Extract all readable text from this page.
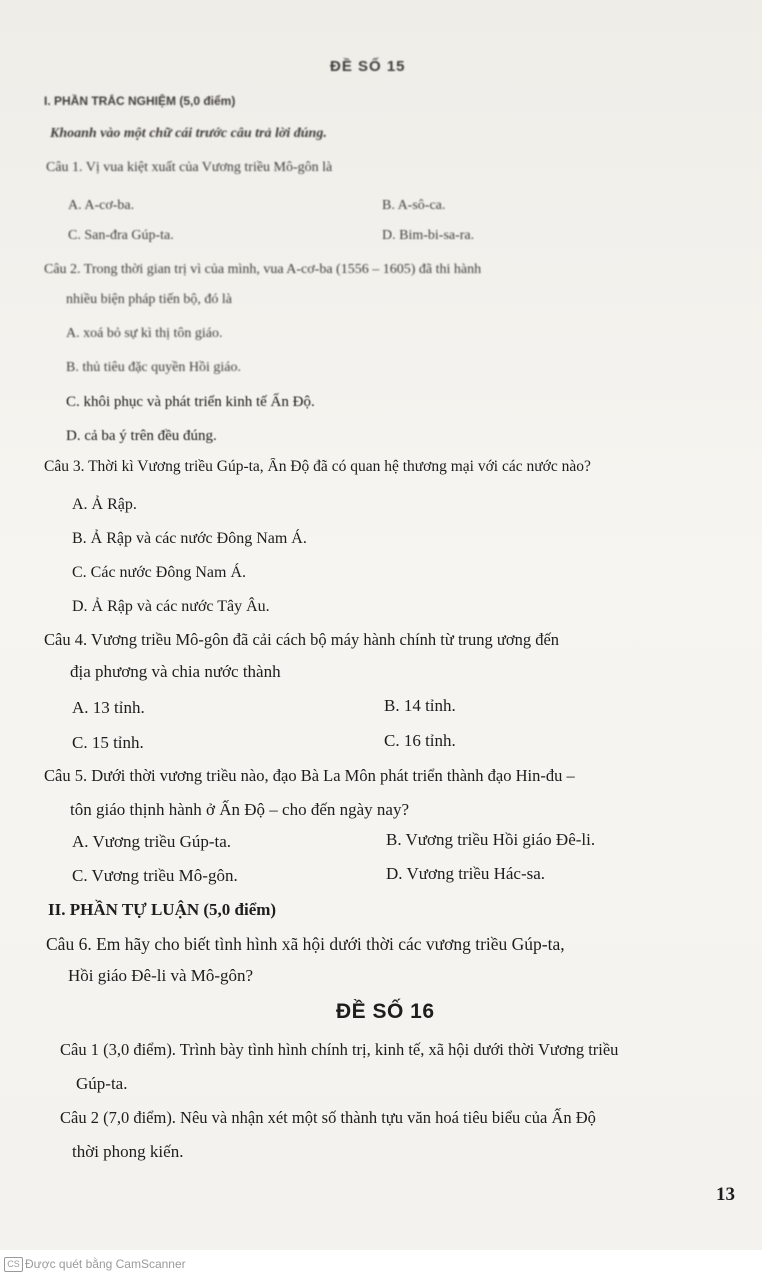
ĐỀ SỐ 15
I. PHẦN TRẮC NGHIỆM (5,0 điểm)
Khoanh vào một chữ cái trước câu trả lời đúng.
Câu 1. Vị vua kiệt xuất của Vương triều Mô-gôn là
A. A-cơ-ba.	B. A-sô-ca.
C. San-đra Gúp-ta.	D. Bim-bi-sa-ra.
Câu 2. Trong thời gian trị vì của mình, vua A-cơ-ba (1556 – 1605) đã thi hành
nhiều biện pháp tiến bộ, đó là
A. xoá bỏ sự kì thị tôn giáo.
B. thủ tiêu đặc quyền Hồi giáo.
C. khôi phục và phát triển kinh tế Ấn Độ.
D. cả ba ý trên đều đúng.
Câu 3. Thời kì Vương triều Gúp-ta, Ấn Độ đã có quan hệ thương mại với các nước nào?
A. Ả Rập.
B. Ả Rập và các nước Đông Nam Á.
C. Các nước Đông Nam Á.
D. Ả Rập và các nước Tây Âu.
Câu 4. Vương triều Mô-gôn đã cải cách bộ máy hành chính từ trung ương đến
địa phương và chia nước thành
A. 13 tỉnh.	B. 14 tỉnh.
C. 15 tỉnh.	C. 16 tỉnh.
Câu 5. Dưới thời vương triều nào, đạo Bà La Môn phát triển thành đạo Hin-đu –
tôn giáo thịnh hành ở Ấn Độ – cho đến ngày nay?
A. Vương triều Gúp-ta.	B. Vương triều Hồi giáo Đê-li.
C. Vương triều Mô-gôn.	D. Vương triều Hác-sa.
II. PHẦN TỰ LUẬN (5,0 điểm)
Câu 6. Em hãy cho biết tình hình xã hội dưới thời các vương triều Gúp-ta,
Hồi giáo Đê-li và Mô-gôn?
ĐỀ SỐ 16
Câu 1 (3,0 điểm). Trình bày tình hình chính trị, kinh tế, xã hội dưới thời Vương triều
Gúp-ta.
Câu 2 (7,0 điểm). Nêu và nhận xét một số thành tựu văn hoá tiêu biểu của Ấn Độ
thời phong kiến.
13
CS Được quét bằng CamScanner
